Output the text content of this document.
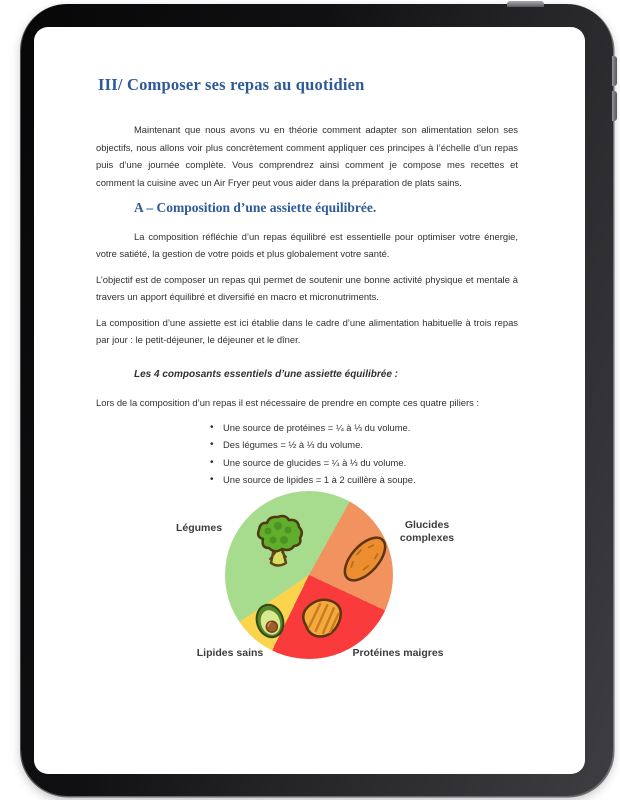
III/ Composer ses repas au quotidien

Maintenant que nous avons vu en théorie comment adapter son alimentation selon ses objectifs, nous allons voir plus concrètement comment appliquer ces principes à l’échelle d’un repas puis d’une journée complète. Vous comprendrez ainsi comment je compose mes recettes et comment la cuisine avec un Air Fryer peut vous aider dans la préparation de plats sains.

A – Composition d’une assiette équilibrée.

La composition réfléchie d’un repas équilibré est essentielle pour optimiser votre énergie, votre satiété, la gestion de votre poids et plus globalement votre santé.

L’objectif est de composer un repas qui permet de soutenir une bonne activité physique et mentale à travers un apport équilibré et diversifié en macro et micronutriments.

La composition d’une assiette est ici établie dans le cadre d’une alimentation habituelle à trois repas par jour : le petit-déjeuner, le déjeuner et le dîner.

Les 4 composants essentiels d’une assiette équilibrée :

Lors de la composition d’un repas il est nécessaire de prendre en compte ces quatre piliers :

• Une source de protéines = ¼ à ⅓ du volume.
• Des légumes = ½ à ⅓ du volume.
• Une source de glucides = ¼ à ⅓ du volume.
• Une source de lipides = 1 à 2 cuillère à soupe.
Légumes	Glucides complexes
Lipides sains	Protéines maigres
